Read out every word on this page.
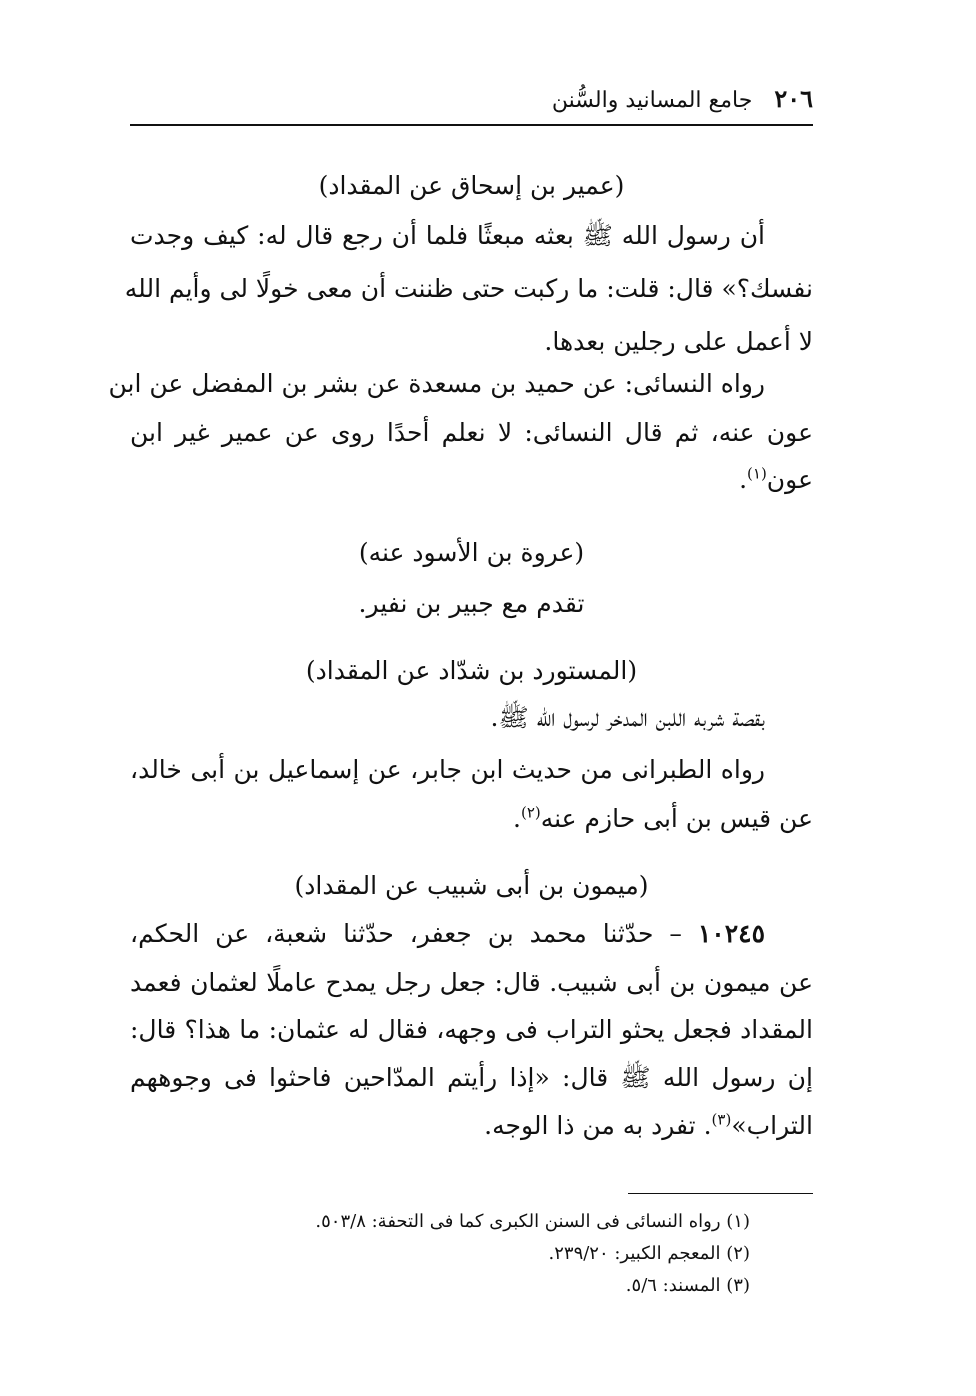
٢٠٦
جامع المسانيد والسُّنن
(عمير بن إسحاق عن المقداد)
أن رسول الله ﷺ بعثه مبعثًا فلما أن رجع قال له: كيف وجدت
نفسك؟» قال: قلت: ما ركبت حتى ظننت أن معى خولًا لى وأيم الله
لا أعمل على رجلين بعدها.
رواه النسائى: عن حميد بن مسعدة عن بشر بن المفضل عن ابن
عون عنه، ثم قال النسائى: لا نعلم أحدًا روى عن عمير غير ابن
عون$^{(١)}$.
(عروة بن الأسود عنه)
تقدم مع جبير بن نفير.
(المستورد بن شدّاد عن المقداد)
بقصة شربه اللبن المدخر لرسول الله ﷺ.
رواه الطبرانى من حديث ابن جابر، عن إسماعيل بن أبى خالد،
عن قيس بن أبى حازم عنه$^{(٢)}$.
(ميمون بن أبى شبيب عن المقداد)
١٠٢٤٥ – حدّثنا محمد بن جعفر، حدّثنا شعبة، عن الحكم،
عن ميمون بن أبى شبيب. قال: جعل رجل يمدح عاملًا لعثمان فعمد
المقداد فجعل يحثو التراب فى وجهه، فقال له عثمان: ما هذا؟ قال:
إن رسول الله ﷺ قال: «إذا رأيتم المدّاحين فاحثوا فى وجوههم
التراب»$^{(٣)}$. تفرد به من ذا الوجه.
(١) رواه النسائى فى السنن الكبرى كما فى التحفة: ٥٠٣/٨.
(٢) المعجم الكبير: ٢٣٩/٢٠.
(٣) المسند: ٥/٦.
